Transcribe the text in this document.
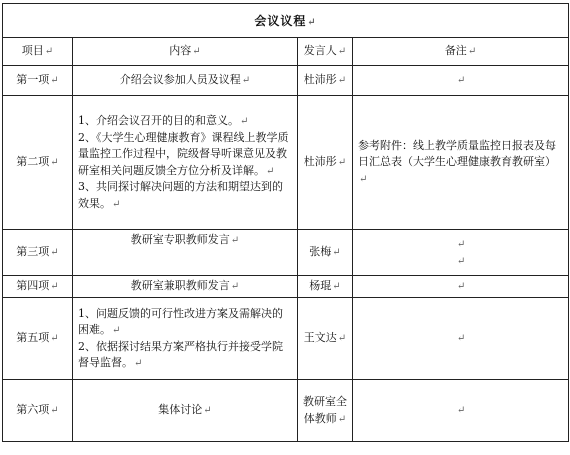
会议议程↵			
项目↵	内容↵	发言人↵	备注↵
第一项↵	介绍会议参加人员及议程↵	杜沛彤↵	↵
第二项↵	1、介绍会议召开的目的和意义。↵

2、《大学生心理健康教育》课程线上教学质量监控工作过程中，院级督导听课意见及教研室相关问题反馈全方位分析及详解。↵

3、共同探讨解决问题的方法和期望达到的效果。↵	杜沛彤↵	参考附件：线上教学质量监控日报表及每日汇总表（大学生心理健康教育教研室）↵

第三项↵	教研室专职教师发言↵	张梅↵	↵
↵
第四项↵	教研室兼职教师发言↵	杨琨↵	↵
第五项↵	1、问题反馈的可行性改进方案及需解决的困难。↵

2、依据探讨结果方案严格执行并接受学院督导监督。↵	王文达↵	↵
第六项↵	集体讨论↵	教研室全体教师↵	↵
